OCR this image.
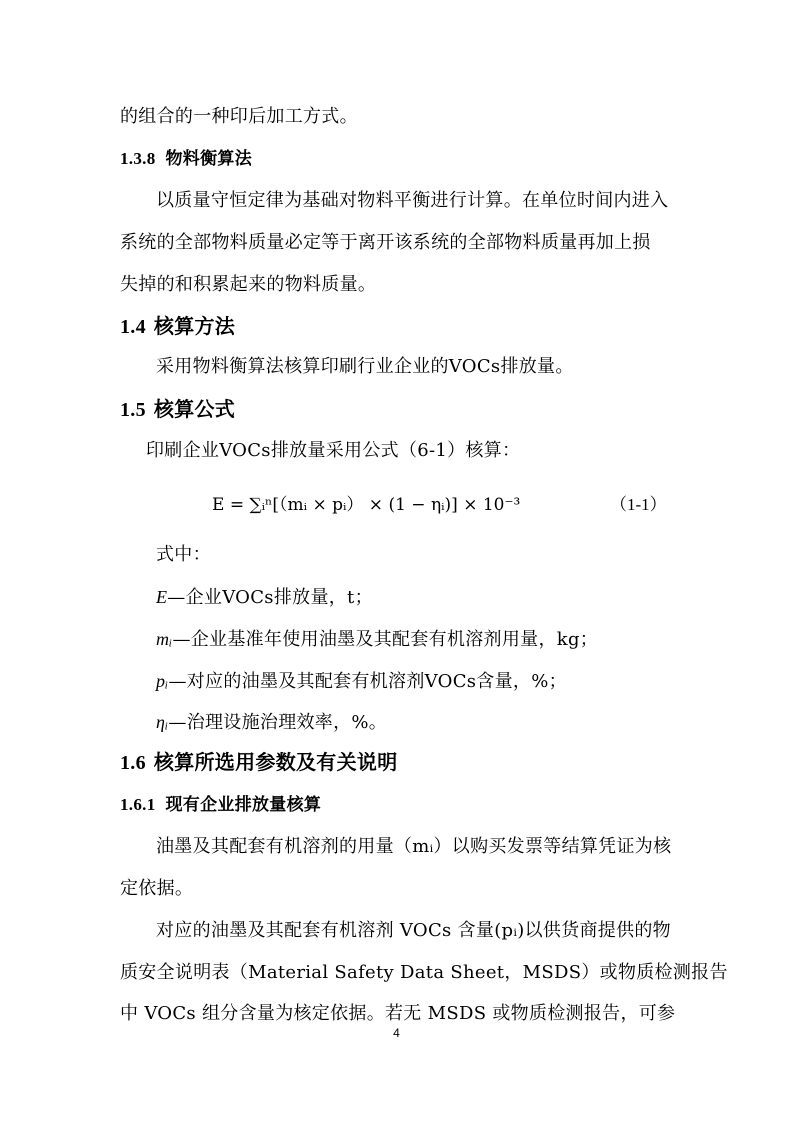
的组合的一种印后加工方式。
1.3.8 物料衡算法
以质量守恒定律为基础对物料平衡进行计算。在单位时间内进入
系统的全部物料质量必定等于离开该系统的全部物料质量再加上损
失掉的和积累起来的物料质量。
1.4 核算方法
采用物料衡算法核算印刷行业企业的VOCs排放量。
1.5 核算公式
印刷企业VOCs排放量采用公式（6-1）核算：
E = ∑ᵢⁿ[（mᵢ × pᵢ） × (1 − ηᵢ)] × 10⁻³	（1-1）
式中：
E—企业VOCs排放量，t；
mᵢ—企业基准年使用油墨及其配套有机溶剂用量，kg；
pᵢ—对应的油墨及其配套有机溶剂VOCs含量，%；
ηᵢ—治理设施治理效率，%。
1.6 核算所选用参数及有关说明
1.6.1 现有企业排放量核算
油墨及其配套有机溶剂的用量（mᵢ）以购买发票等结算凭证为核
定依据。
对应的油墨及其配套有机溶剂 VOCs 含量(pᵢ)以供货商提供的物
质安全说明表（Material Safety Data Sheet，MSDS）或物质检测报告
中 VOCs 组分含量为核定依据。若无 MSDS 或物质检测报告，可参
4
